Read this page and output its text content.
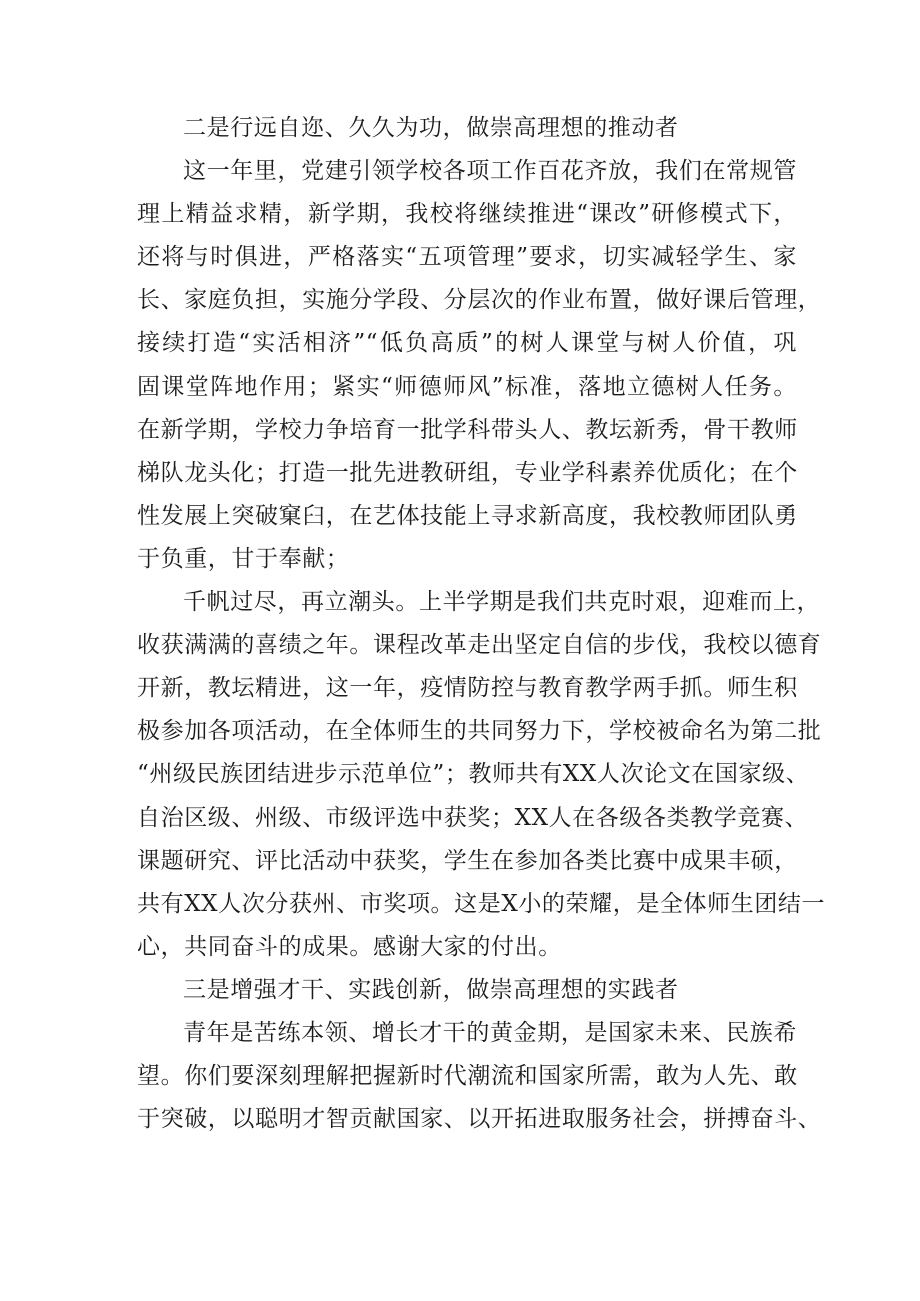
二是行远自迩、久久为功，做崇高理想的推动者
这一年里，党建引领学校各项工作百花齐放，我们在常规管
理上精益求精，新学期，我校将继续推进“课改”研修模式下，
还将与时俱进，严格落实“五项管理”要求，切实减轻学生、家
长、家庭负担，实施分学段、分层次的作业布置，做好课后管理，
接续打造“实活相济”“低负高质”的树人课堂与树人价值，巩
固课堂阵地作用；紧实“师德师风”标准，落地立德树人任务。
在新学期，学校力争培育一批学科带头人、教坛新秀，骨干教师
梯队龙头化；打造一批先进教研组，专业学科素养优质化；在个
性发展上突破窠臼，在艺体技能上寻求新高度，我校教师团队勇
于负重，甘于奉献；
千帆过尽，再立潮头。上半学期是我们共克时艰，迎难而上，
收获满满的喜绩之年。课程改革走出坚定自信的步伐，我校以德育
开新，教坛精进，这一年，疫情防控与教育教学两手抓。师生积
极参加各项活动，在全体师生的共同努力下，学校被命名为第二批
“州级民族团结进步示范单位”；教师共有XX人次论文在国家级、
自治区级、州级、市级评选中获奖；XX人在各级各类教学竞赛、
课题研究、评比活动中获奖，学生在参加各类比赛中成果丰硕，
共有XX人次分获州、市奖项。这是X小的荣耀，是全体师生团结一
心，共同奋斗的成果。感谢大家的付出。
三是增强才干、实践创新，做崇高理想的实践者
青年是苦练本领、增长才干的黄金期，是国家未来、民族希
望。你们要深刻理解把握新时代潮流和国家所需，敢为人先、敢
于突破，以聪明才智贡献国家、以开拓进取服务社会，拼搏奋斗、
